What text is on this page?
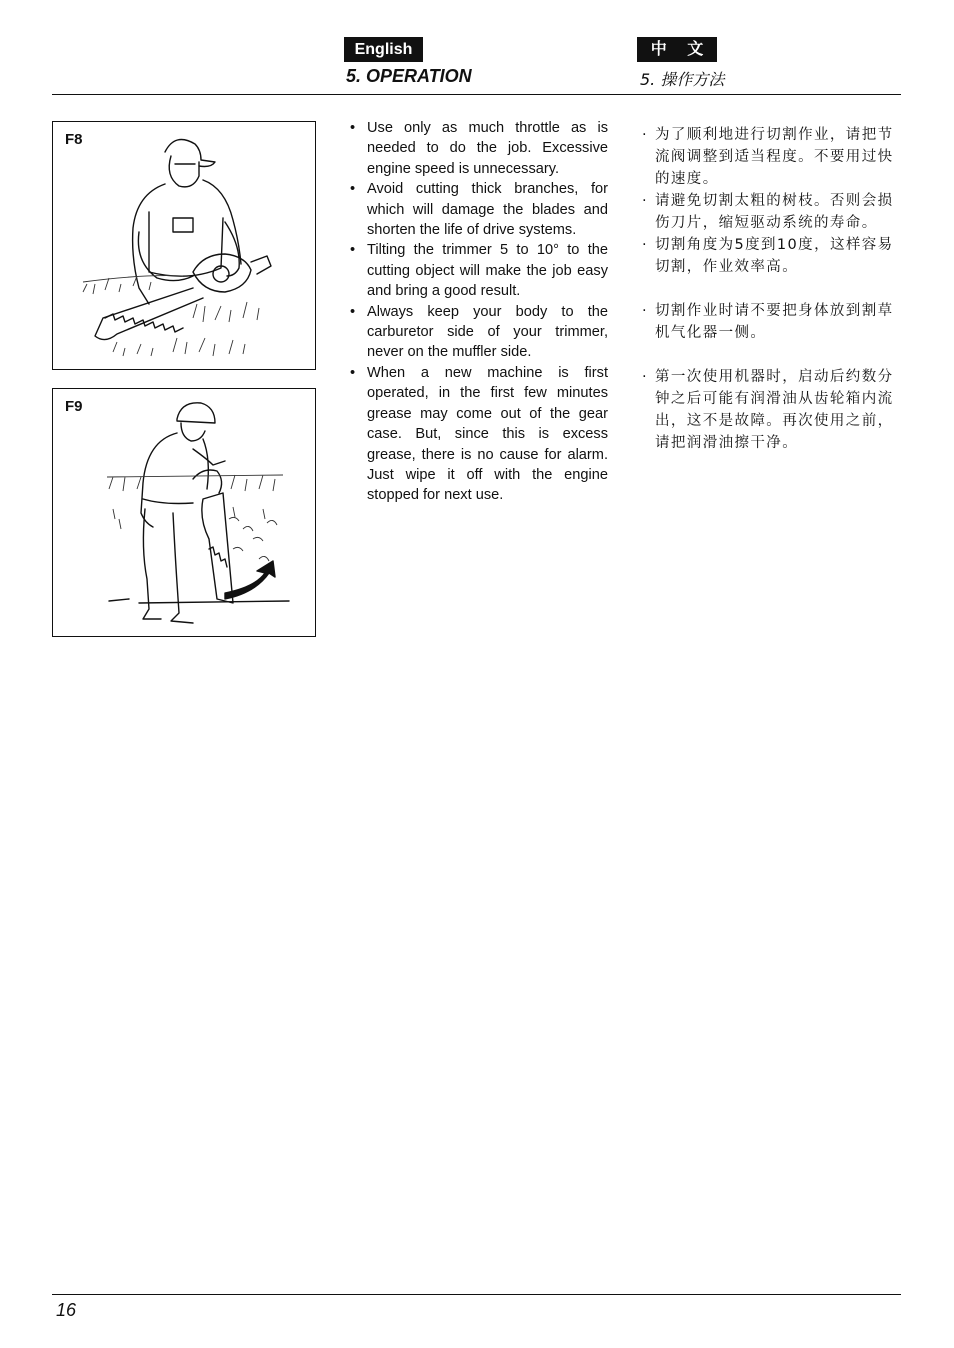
English	中 文
5. OPERATION	5. 操作方法
F8
F9
• Use only as much throttle as is needed to do the job. Excessive engine speed is unnecessary.
• Avoid cutting thick branches, for which will damage the blades and shorten the life of drive systems.
• Tilting the trimmer 5 to 10° to the cutting object will make the job easy and bring a good result.
• Always keep your body to the carburetor side of your trimmer, never on the muffler side.
• When a new machine is first operated, in the first few minutes grease may come out of the gear case. But, since this is excess grease, there is no cause for alarm. Just wipe it off with the engine stopped for next use.
· 为了顺利地进行切割作业，请把节流阀调整到适当程度。不要用过快的速度。
· 请避免切割太粗的树枝。否则会损伤刀片，缩短驱动系统的寿命。
· 切割角度为5度到10度，这样容易切割，作业效率高。
· 切割作业时请不要把身体放到割草机气化器一侧。
· 第一次使用机器时，启动后约数分钟之后可能有润滑油从齿轮箱内流出，这不是故障。再次使用之前，请把润滑油擦干净。
16
